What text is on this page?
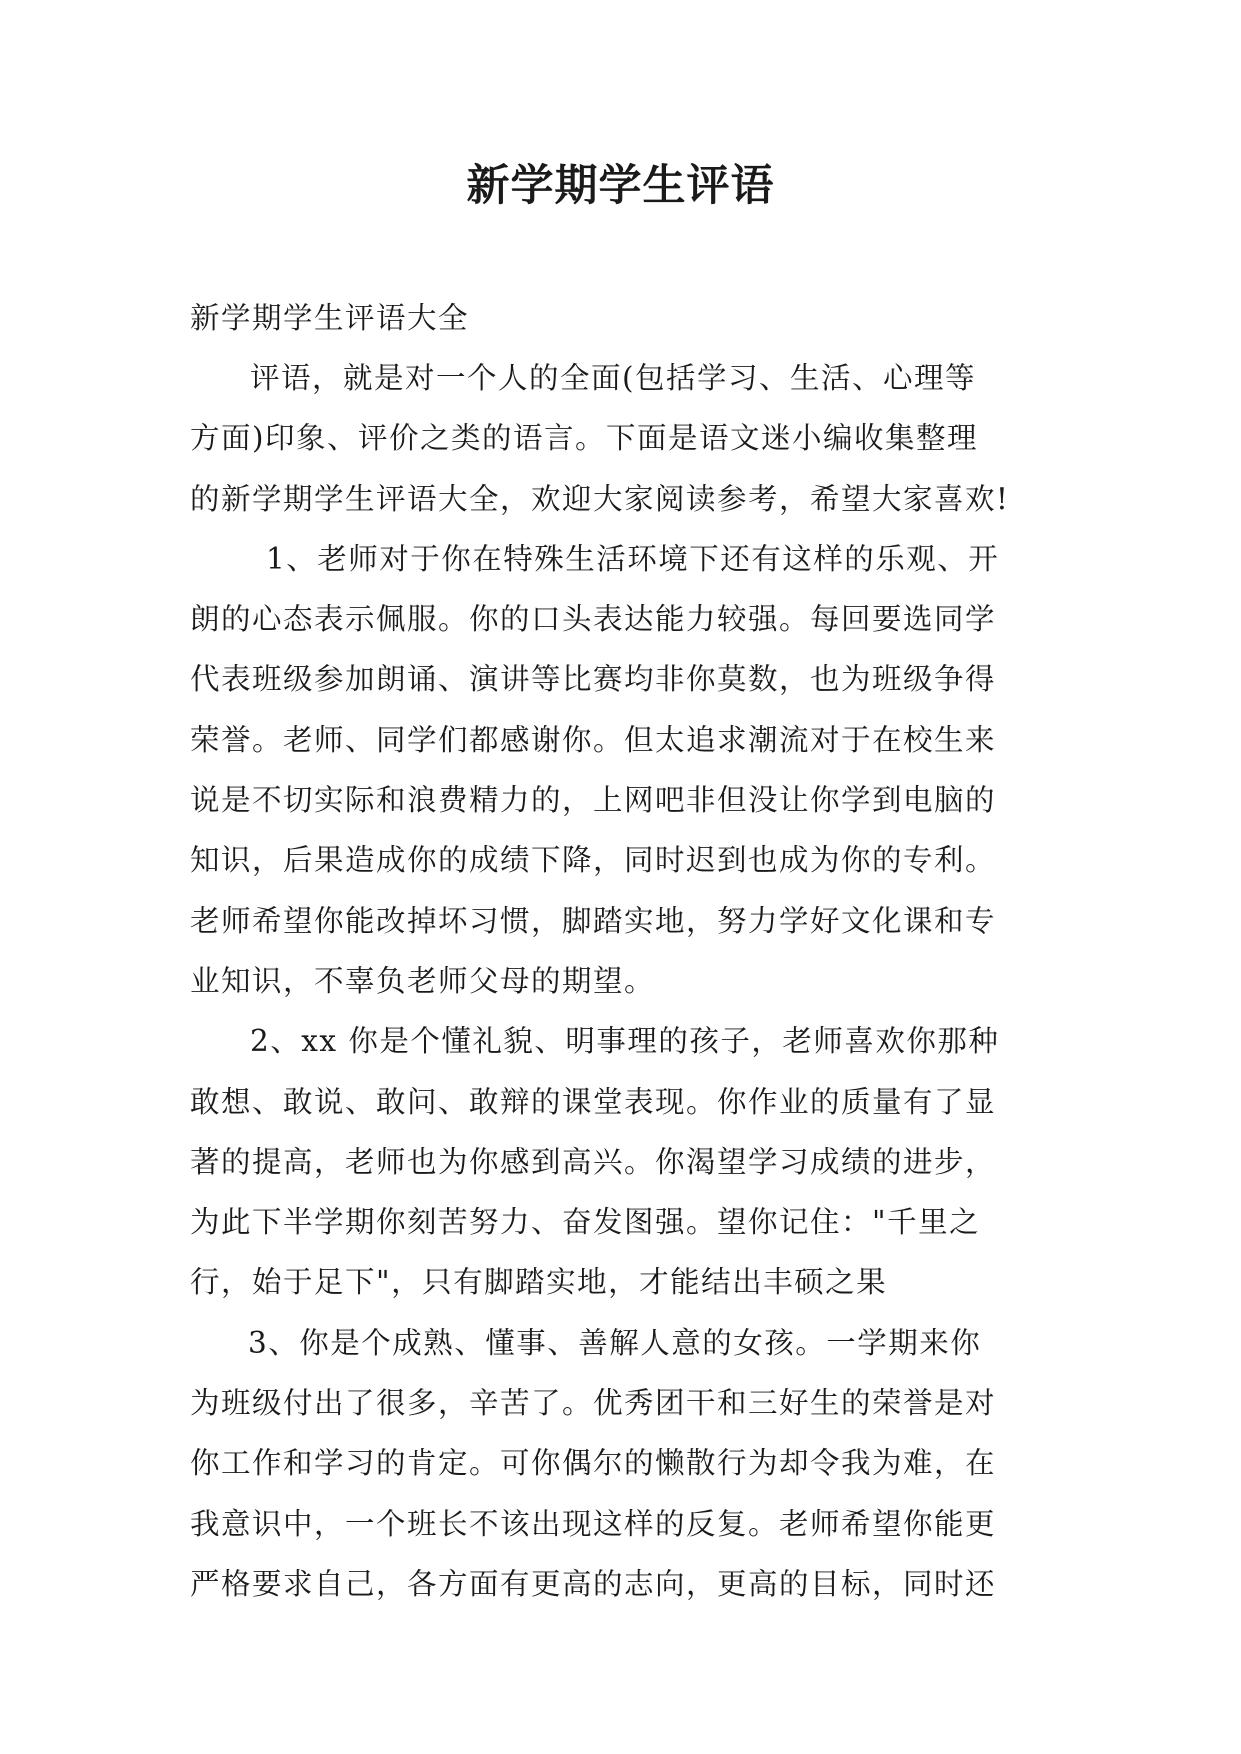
新学期学生评语

新学期学生评语大全

评语，就是对一个人的全面(包括学习、生活、心理等
方面)印象、评价之类的语言。下面是语文迷小编收集整理
的新学期学生评语大全，欢迎大家阅读参考，希望大家喜欢!

1、老师对于你在特殊生活环境下还有这样的乐观、开
朗的心态表示佩服。你的口头表达能力较强。每回要选同学
代表班级参加朗诵、演讲等比赛均非你莫数，也为班级争得
荣誉。老师、同学们都感谢你。但太追求潮流对于在校生来
说是不切实际和浪费精力的，上网吧非但没让你学到电脑的
知识，后果造成你的成绩下降，同时迟到也成为你的专利。
老师希望你能改掉坏习惯，脚踏实地，努力学好文化课和专
业知识，不辜负老师父母的期望。

2、xx 你是个懂礼貌、明事理的孩子，老师喜欢你那种
敢想、敢说、敢问、敢辩的课堂表现。你作业的质量有了显
著的提高，老师也为你感到高兴。你渴望学习成绩的进步，
为此下半学期你刻苦努力、奋发图强。望你记住："千里之
行，始于足下"，只有脚踏实地，才能结出丰硕之果

3、你是个成熟、懂事、善解人意的女孩。一学期来你
为班级付出了很多，辛苦了。优秀团干和三好生的荣誉是对
你工作和学习的肯定。可你偶尔的懒散行为却令我为难，在
我意识中，一个班长不该出现这样的反复。老师希望你能更
严格要求自己，各方面有更高的志向，更高的目标，同时还
